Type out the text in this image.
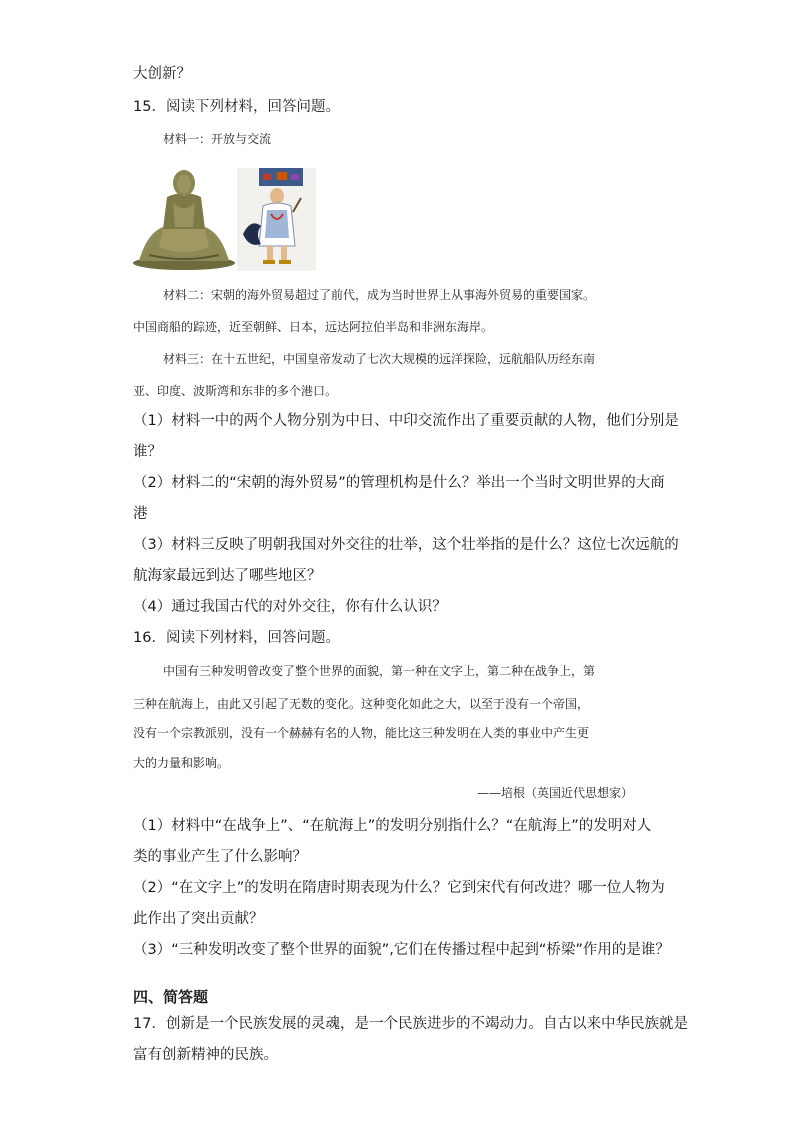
大创新？
15．阅读下列材料，回答问题。
材料一：开放与交流
材料二：宋朝的海外贸易超过了前代，成为当时世界上从事海外贸易的重要国家。
中国商船的踪迹，近至朝鲜、日本，远达阿拉伯半岛和非洲东海岸。
材料三：在十五世纪，中国皇帝发动了七次大规模的远洋探险，远航船队历经东南
亚、印度、波斯湾和东非的多个港口。
（1）材料一中的两个人物分别为中日、中印交流作出了重要贡献的人物，他们分别是
谁？
（2）材料二的“宋朝的海外贸易”的管理机构是什么？举出一个当时文明世界的大商
港
（3）材料三反映了明朝我国对外交往的壮举，这个壮举指的是什么？这位七次远航的
航海家最远到达了哪些地区？
（4）通过我国古代的对外交往，你有什么认识？
16．阅读下列材料，回答问题。
中国有三种发明曾改变了整个世界的面貌，第一种在文字上，第二种在战争上，第
三种在航海上，由此又引起了无数的变化。这种变化如此之大，以至于没有一个帝国，
没有一个宗教派别，没有一个赫赫有名的人物，能比这三种发明在人类的事业中产生更
大的力量和影响。
——培根（英国近代思想家）
（1）材料中“在战争上”、“在航海上”的发明分别指什么？“在航海上”的发明对人
类的事业产生了什么影响？
（2）“在文字上”的发明在隋唐时期表现为什么？它到宋代有何改进？哪一位人物为
此作出了突出贡献？
（3）“三种发明改变了整个世界的面貌”,它们在传播过程中起到“桥梁”作用的是谁？
四、简答题
17．创新是一个民族发展的灵魂，是一个民族进步的不竭动力。自古以来中华民族就是
富有创新精神的民族。
